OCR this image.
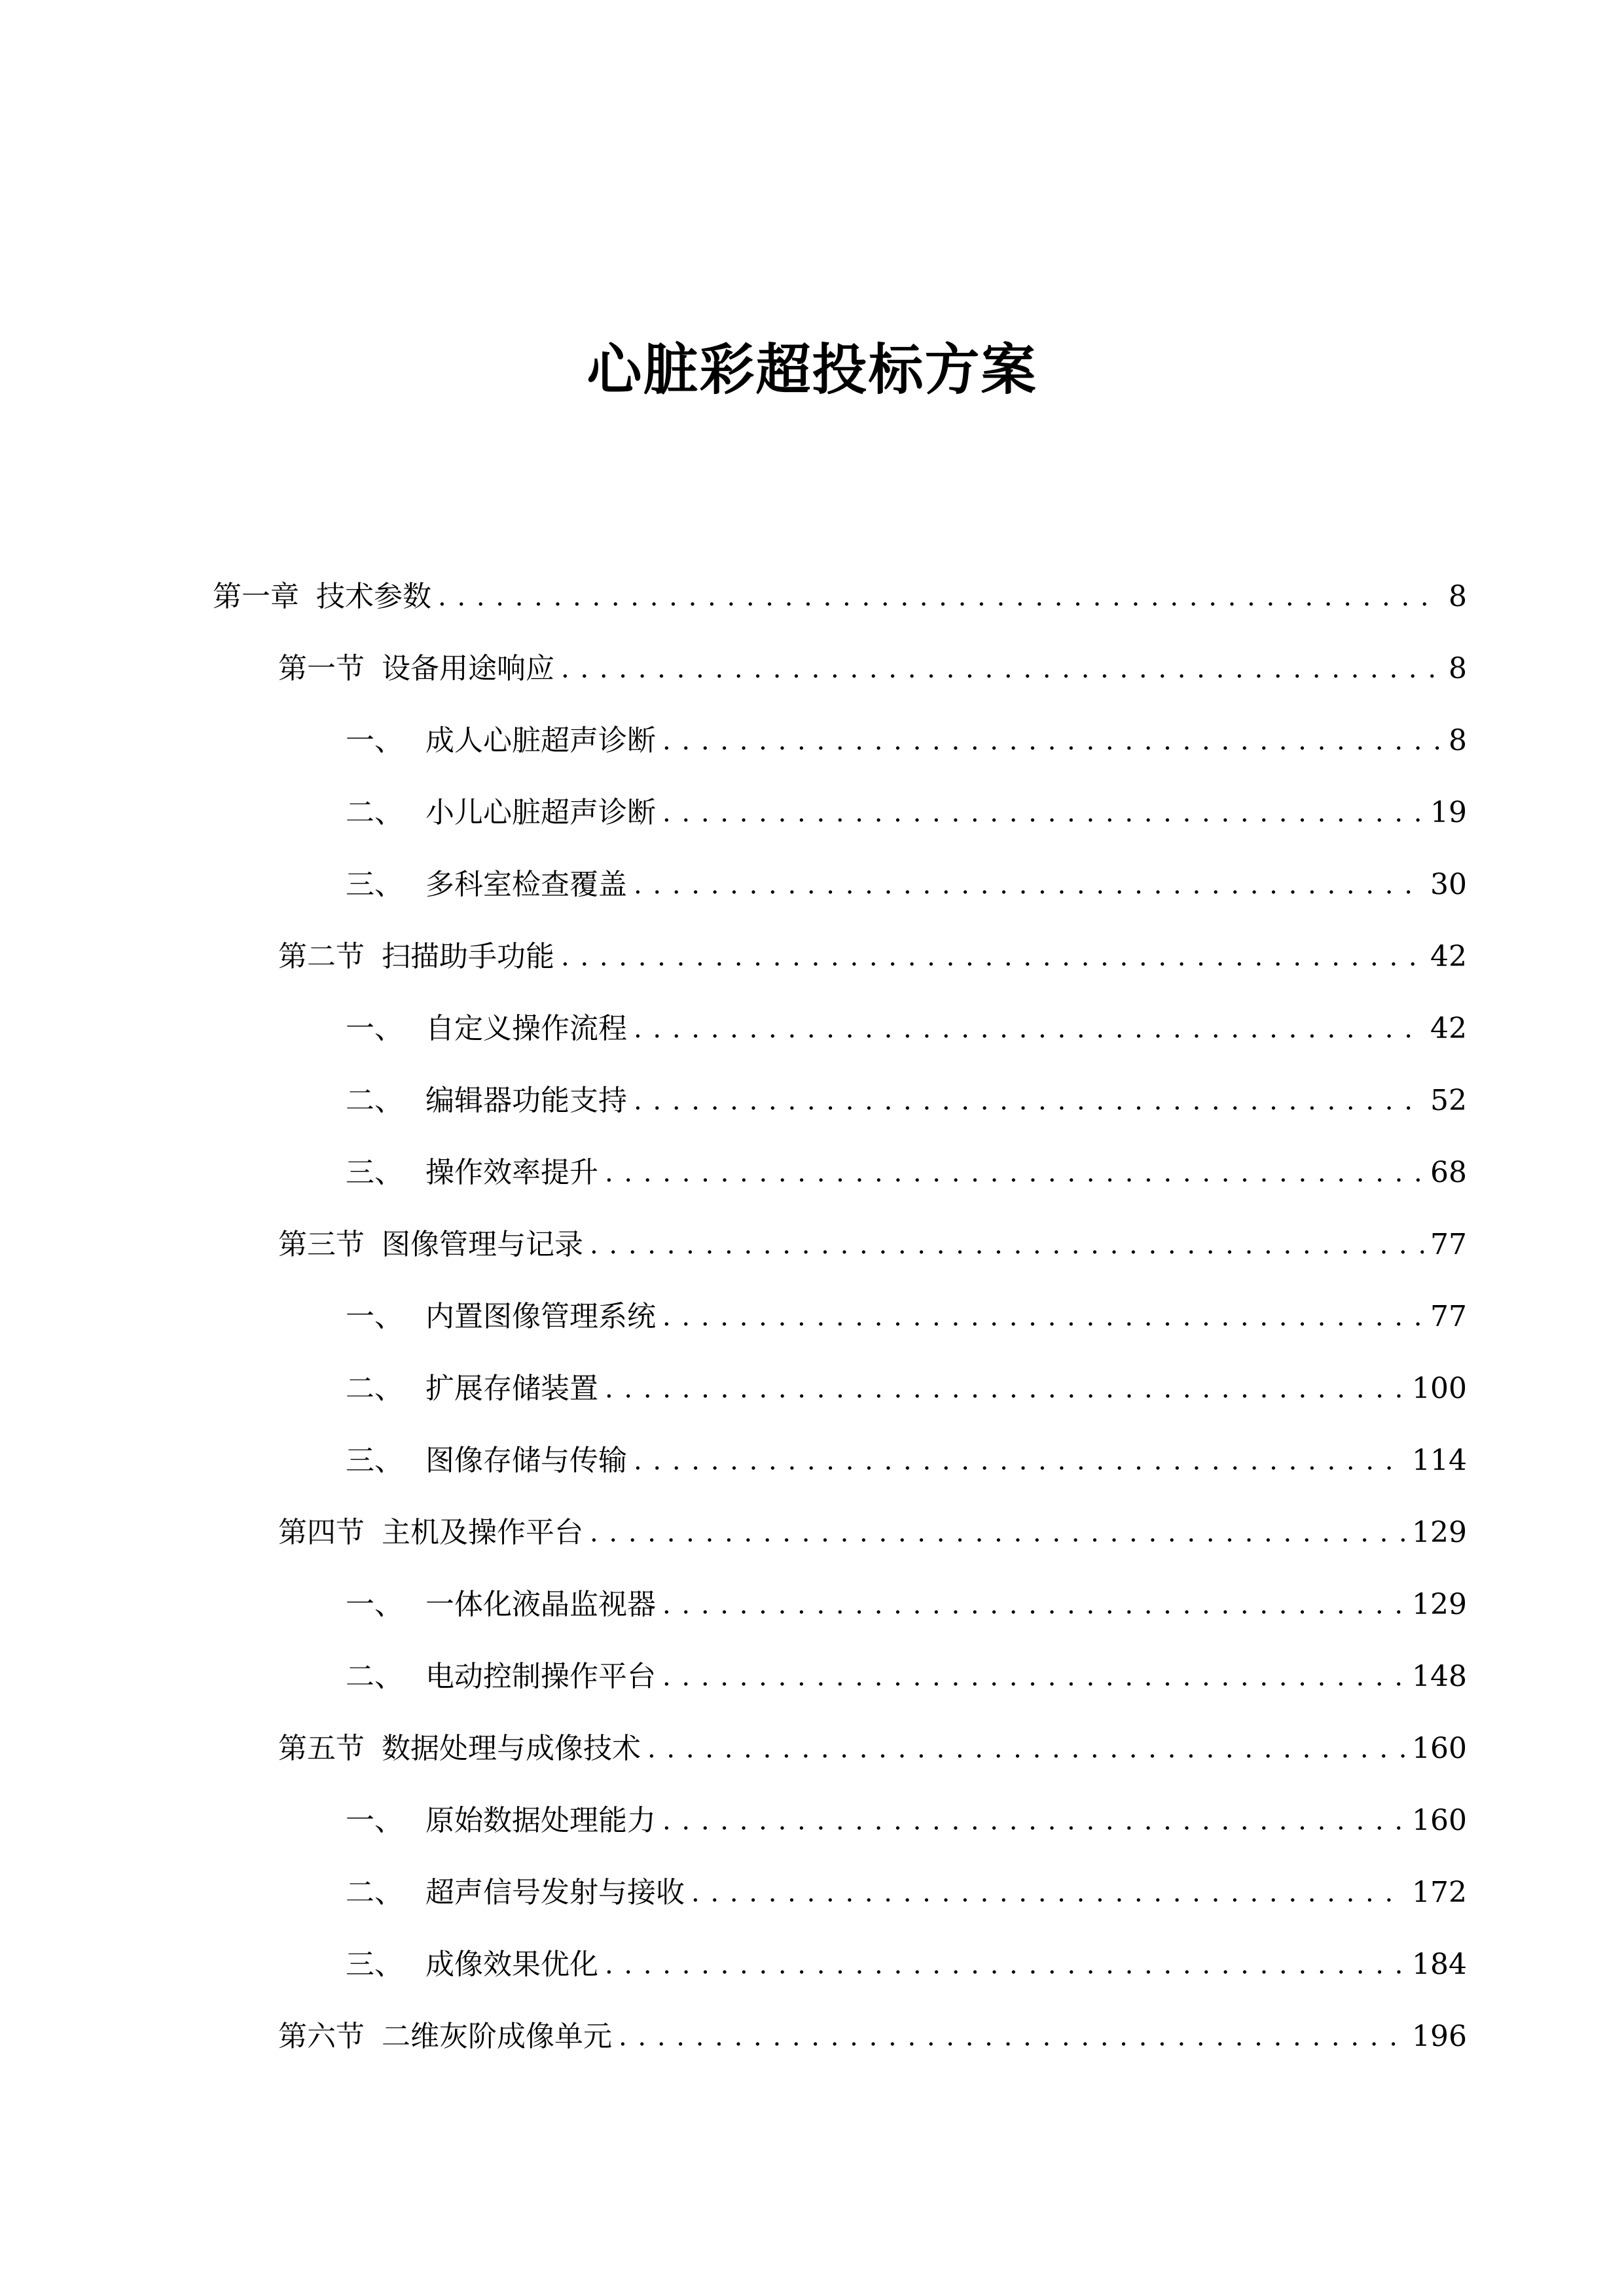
心脏彩超投标方案
第一章 技术参数 . . .	8
第一节 设备用途响应 . . .	8
一、 成人心脏超声诊断 . . .	8
二、 小儿心脏超声诊断 . . .	19
三、 多科室检查覆盖 . . .	30
第二节 扫描助手功能 . . .	42
一、 自定义操作流程 . . .	42
二、 编辑器功能支持 . . .	52
三、 操作效率提升 . . .	68
第三节 图像管理与记录 . . .	77
一、 内置图像管理系统 . . .	77
二、 扩展存储装置 . . .	100
三、 图像存储与传输 . . .	114
第四节 主机及操作平台 . . .	129
一、 一体化液晶监视器 . . .	129
二、 电动控制操作平台 . . .	148
第五节 数据处理与成像技术 . . .	160
一、 原始数据处理能力 . . .	160
二、 超声信号发射与接收 . . .	172
三、 成像效果优化 . . .	184
第六节 二维灰阶成像单元 . . .	196
